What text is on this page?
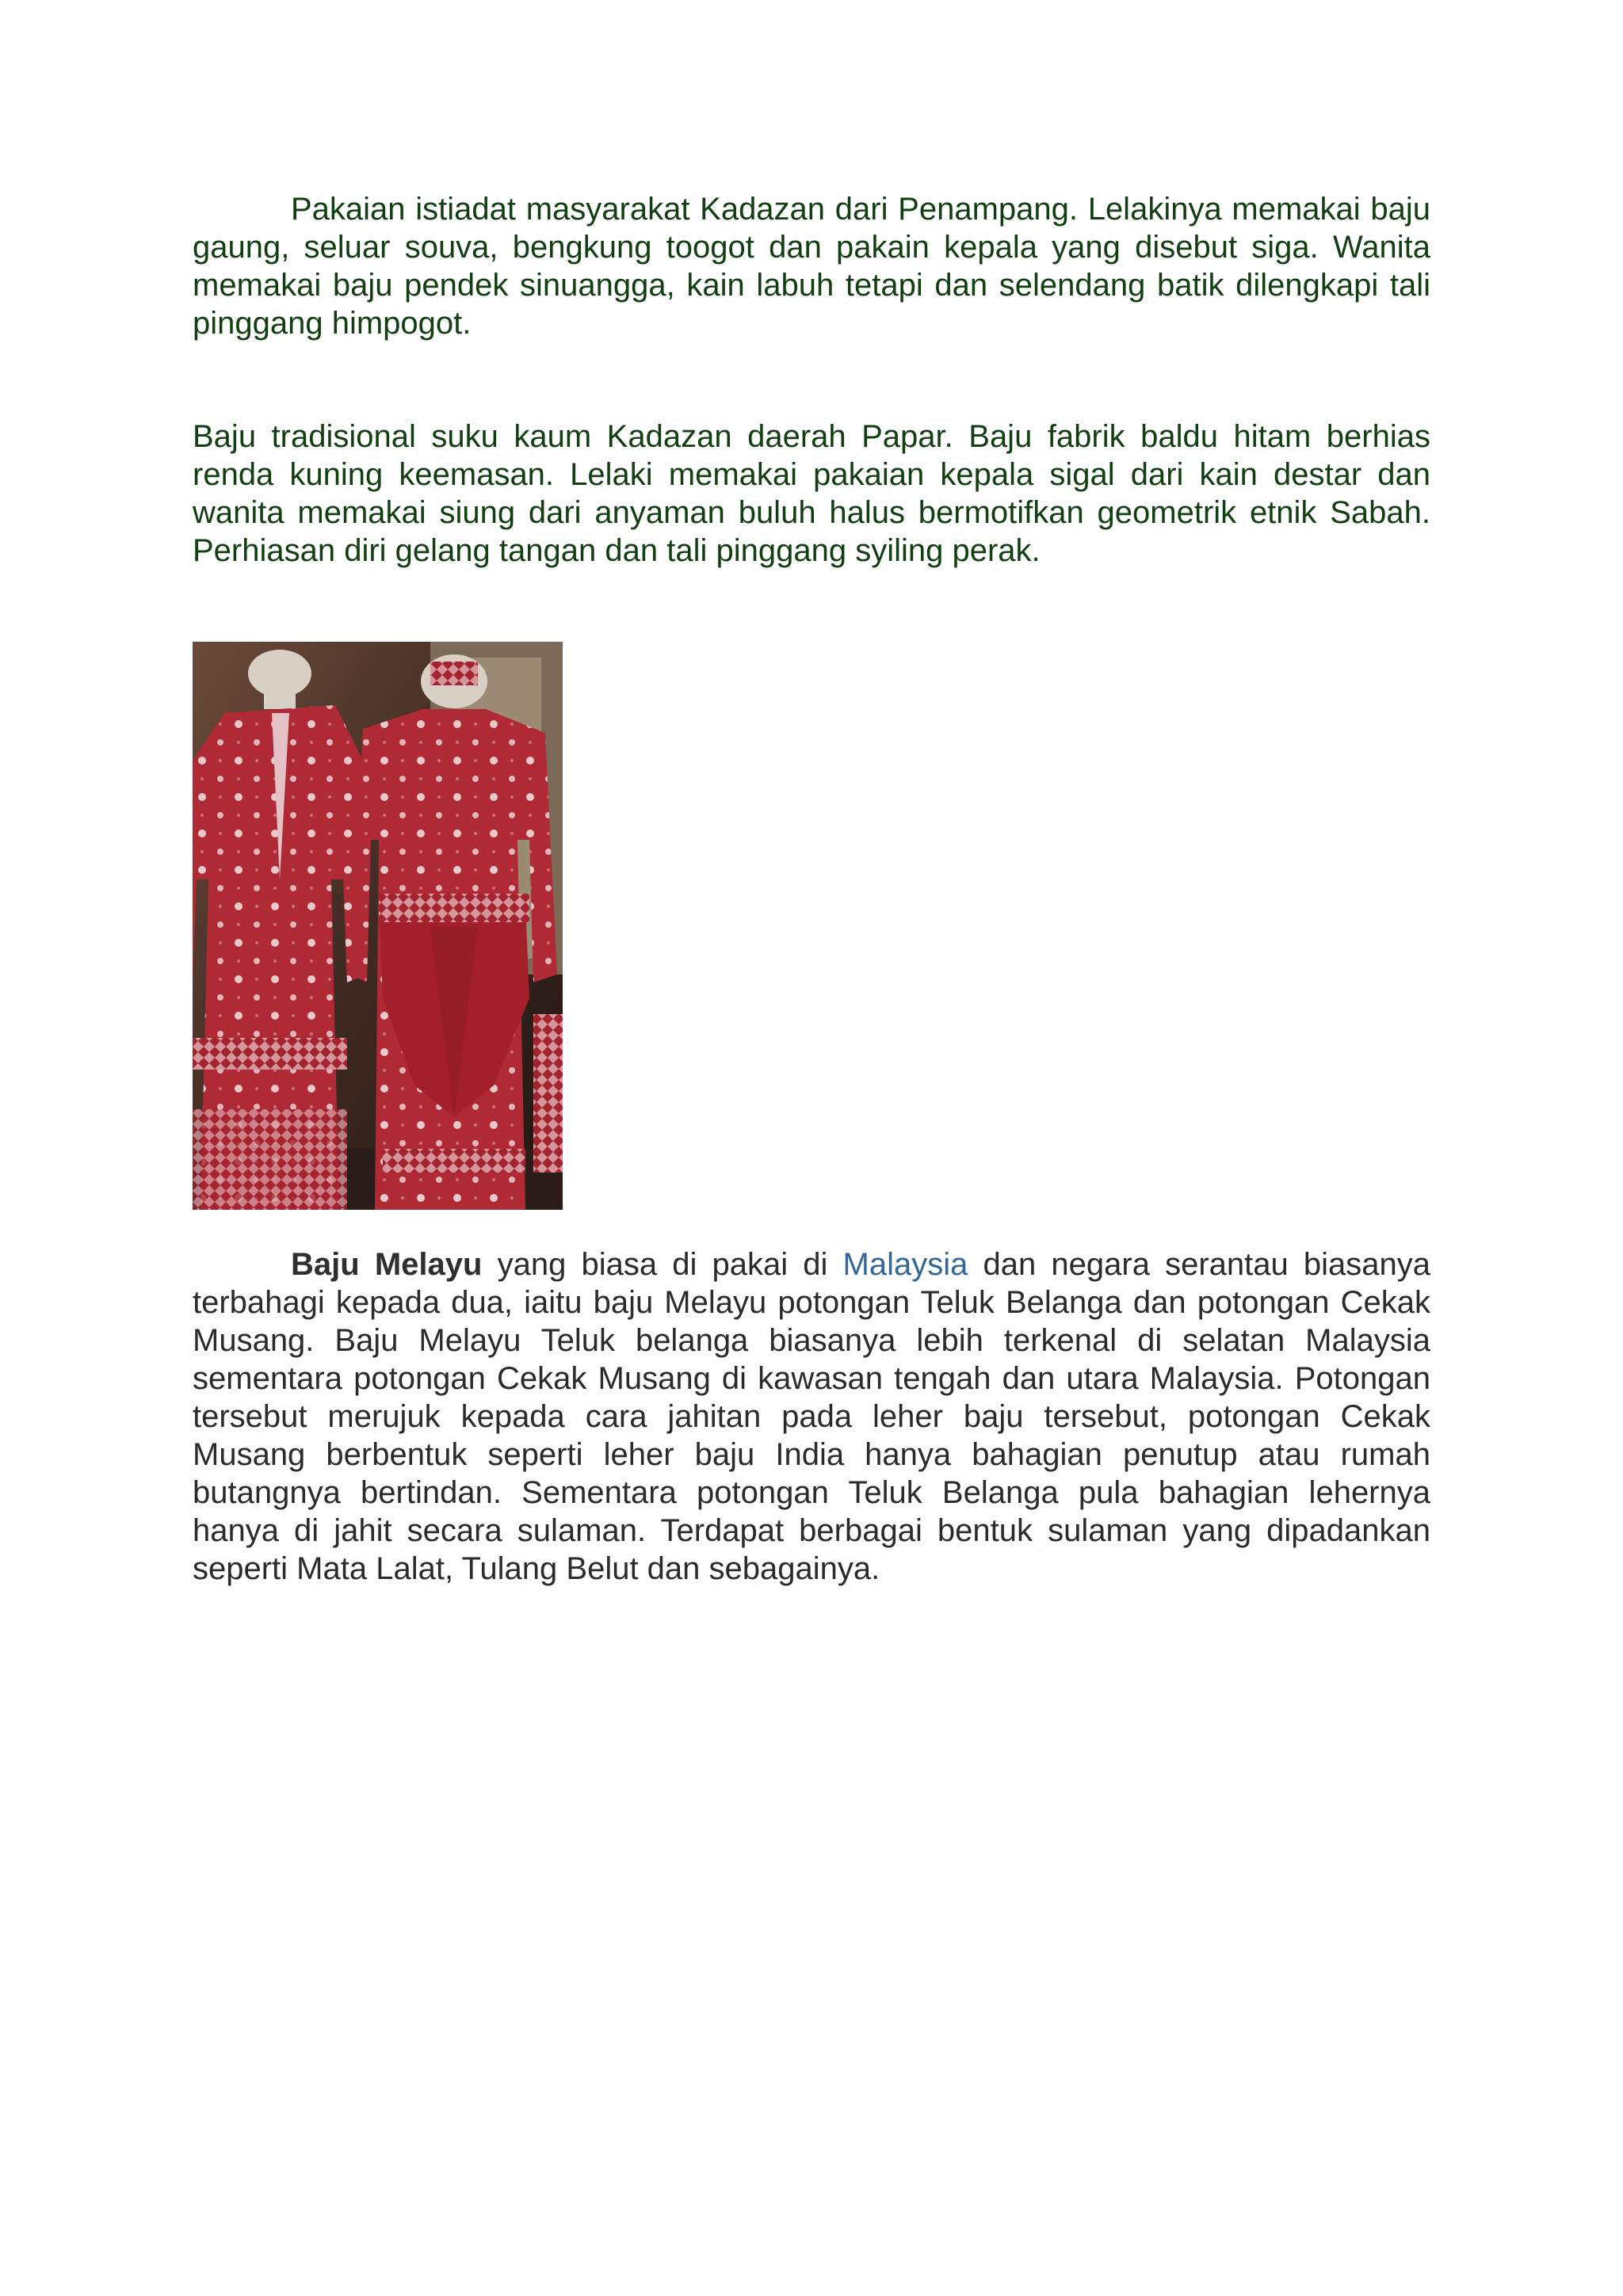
Pakaian istiadat masyarakat Kadazan dari Penampang. Lelakinya memakai baju gaung, seluar souva, bengkung toogot dan pakain kepala yang disebut siga. Wanita memakai baju pendek sinuangga, kain labuh tetapi dan selendang batik dilengkapi tali pinggang himpogot.

Baju tradisional suku kaum Kadazan daerah Papar. Baju fabrik baldu hitam berhias renda kuning keemasan. Lelaki memakai pakaian kepala sigal dari kain destar dan wanita memakai siung dari anyaman buluh halus bermotifkan geometrik etnik Sabah. Perhiasan diri gelang tangan dan tali pinggang syiling perak.

Baju Melayu yang biasa di pakai di Malaysia dan negara serantau biasanya terbahagi kepada dua, iaitu baju Melayu potongan Teluk Belanga dan potongan Cekak Musang. Baju Melayu Teluk belanga biasanya lebih terkenal di selatan Malaysia sementara potongan Cekak Musang di kawasan tengah dan utara Malaysia. Potongan tersebut merujuk kepada cara jahitan pada leher baju tersebut, potongan Cekak Musang berbentuk seperti leher baju India hanya bahagian penutup atau rumah butangnya bertindan. Sementara potongan Teluk Belanga pula bahagian lehernya hanya di jahit secara sulaman. Terdapat berbagai bentuk sulaman yang dipadankan seperti Mata Lalat, Tulang Belut dan sebagainya.
